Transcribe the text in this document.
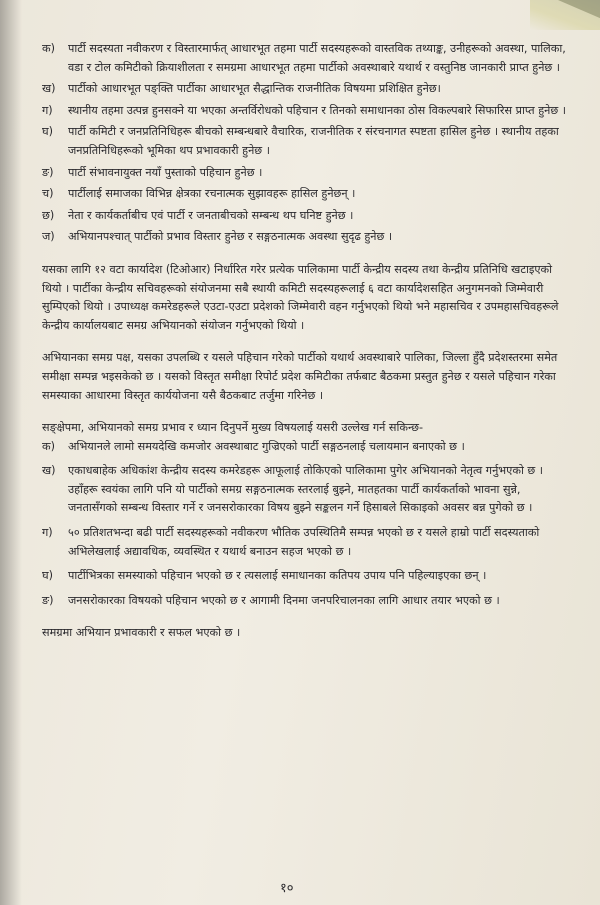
क)	पार्टी सदस्यता नवीकरण र विस्तारमार्फत् आधारभूत तहमा पार्टी सदस्यहरूको वास्तविक तथ्याङ्क, उनीहरूको अवस्था, पालिका, वडा र टोल कमिटीको क्रियाशीलता र समग्रमा आधारभूत तहमा पार्टीको अवस्थाबारे यथार्थ र वस्तुनिष्ठ जानकारी प्राप्त हुनेछ ।
ख)	पार्टीको आधारभूत पङ्क्ति पार्टीका आधारभूत सैद्धान्तिक राजनीतिक विषयमा प्रशिक्षित हुनेछ।
ग)	स्थानीय तहमा उत्पन्न हुनसक्ने या भएका अन्तर्विरोधको पहिचान र तिनको समाधानका ठोस विकल्पबारे सिफारिस प्राप्त हुनेछ ।
घ)	पार्टी कमिटी र जनप्रतिनिधिहरू बीचको सम्बन्धबारे वैचारिक, राजनीतिक र संरचनागत स्पष्टता हासिल हुनेछ । स्थानीय तहका जनप्रतिनिधिहरूको भूमिका थप प्रभावकारी हुनेछ ।
ङ)	पार्टी संभावनायुक्त नयाँ पुस्ताको पहिचान हुनेछ ।
च)	पार्टीलाई समाजका विभिन्न क्षेत्रका रचनात्मक सुझावहरू हासिल हुनेछन् ।
छ)	नेता र कार्यकर्ताबीच एवं पार्टी र जनताबीचको सम्बन्ध थप घनिष्ट हुनेछ ।
ज)	अभियानपश्चात् पार्टीको प्रभाव विस्तार हुनेछ र सङ्गठनात्मक अवस्था सुदृढ हुनेछ ।

यसका लागि १२ वटा कार्यादेश (टिओआर) निर्धारित गरेर प्रत्येक पालिकामा पार्टी केन्द्रीय सदस्य तथा केन्द्रीय प्रतिनिधि खटाइएको थियो । पार्टीका केन्द्रीय सचिवहरूको संयोजनमा सबै स्थायी कमिटी सदस्यहरूलाई ६ वटा कार्यादेशसहित अनुगमनको जिम्मेवारी सुम्पिएको थियो । उपाध्यक्ष कमरेडहरूले एउटा-एउटा प्रदेशको जिम्मेवारी वहन गर्नुभएको थियो भने महासचिव र उपमहासचिवहरूले केन्द्रीय कार्यालयबाट समग्र अभियानको संयोजन गर्नुभएको थियो ।

अभियानका समग्र पक्ष, यसका उपलब्धि र यसले पहिचान गरेको पार्टीको यथार्थ अवस्थाबारे पालिका, जिल्ला हुँदै प्रदेशस्तरमा समेत समीक्षा सम्पन्न भइसकेको छ । यसको विस्तृत समीक्षा रिपोर्ट प्रदेश कमिटीका तर्फबाट बैठकमा प्रस्तुत हुनेछ र यसले पहिचान गरेका समस्याका आधारमा विस्तृत कार्ययोजना यसै बैठकबाट तर्जुमा गरिनेछ ।

सङ्क्षेपमा, अभियानको समग्र प्रभाव र ध्यान दिनुपर्ने मुख्य विषयलाई यसरी उल्लेख गर्न सकिन्छ-

क)	अभियानले लामो समयदेखि कमजोर अवस्थाबाट गुज्रिएको पार्टी सङ्गठनलाई चलायमान बनाएको छ ।
ख)	एकाधबाहेक अधिकांश केन्द्रीय सदस्य कमरेडहरू आफूलाई तोकिएको पालिकामा पुगेर अभियानको नेतृत्व गर्नुभएको छ । उहाँहरू स्वयंका लागि पनि यो पार्टीको समग्र सङ्गठनात्मक स्तरलाई बुझ्ने, मातहतका पार्टी कार्यकर्ताको भावना सुन्ने, जनतासँगको सम्बन्ध विस्तार गर्ने र जनसरोकारका विषय बुझ्ने सङ्कलन गर्ने हिसाबले सिकाइको अवसर बन्न पुगेको छ ।
ग)	५० प्रतिशतभन्दा बढी पार्टी सदस्यहरूको नवीकरण भौतिक उपस्थितिमै सम्पन्न भएको छ र यसले हाम्रो पार्टी सदस्यताको अभिलेखलाई अद्यावधिक, व्यवस्थित र यथार्थ बनाउन सहज भएको छ ।
घ)	पार्टीभित्रका समस्याको पहिचान भएको छ र त्यसलाई समाधानका कतिपय उपाय पनि पहिल्याइएका छन् ।
ङ)	जनसरोकारका विषयको पहिचान भएको छ र आगामी दिनमा जनपरिचालनका लागि आधार तयार भएको छ ।

समग्रमा अभियान प्रभावकारी र सफल भएको छ ।

१०
